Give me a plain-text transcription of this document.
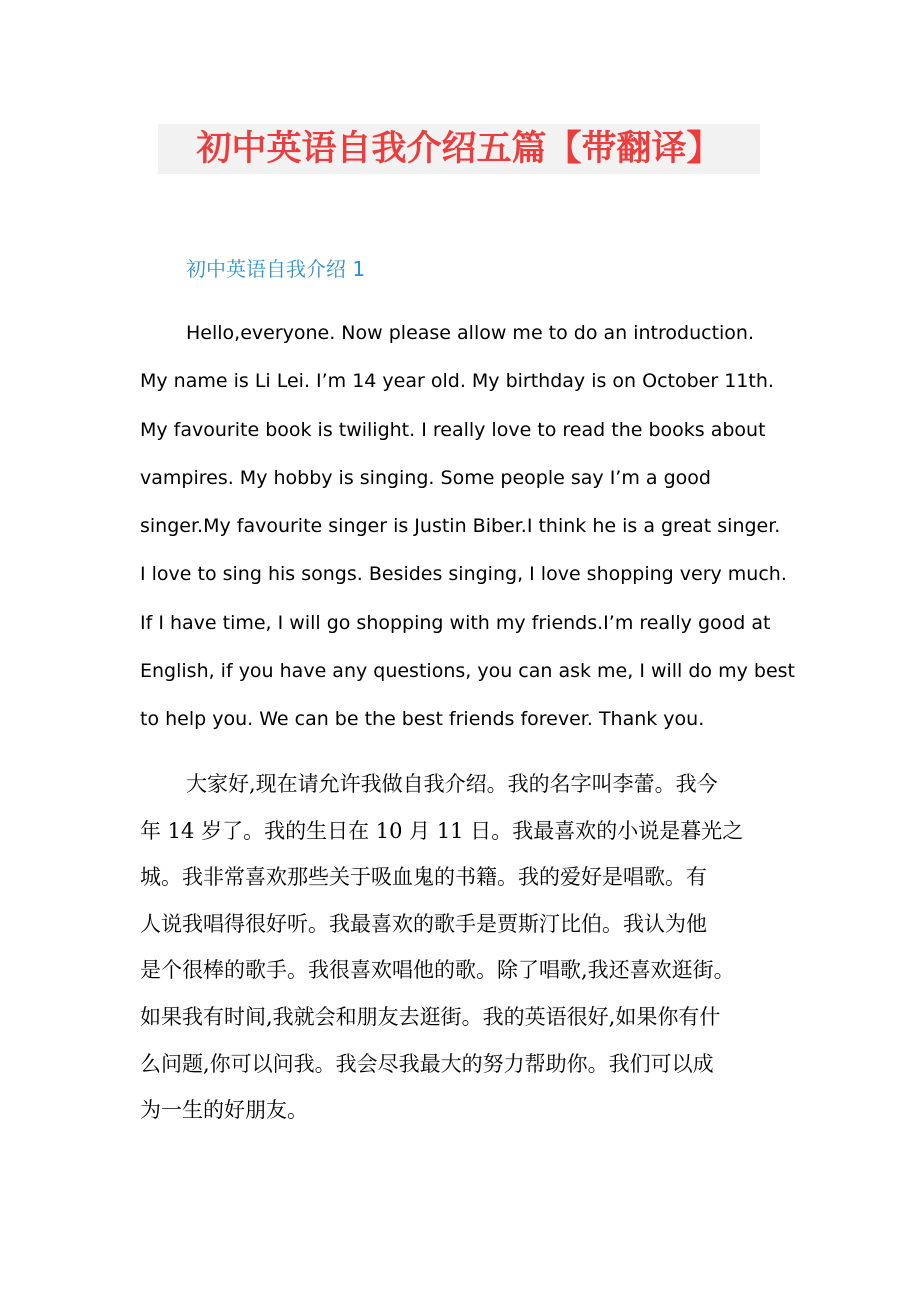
初中英语自我介绍五篇【带翻译】
初中英语自我介绍 1
Hello,everyone. Now please allow me to do an introduction.
My name is Li Lei. I’m 14 year old. My birthday is on October 11th.
My favourite book is twilight. I really love to read the books about
vampires. My hobby is singing. Some people say I’m a good
singer.My favourite singer is Justin Biber.I think he is a great singer.
I love to sing his songs. Besides singing, I love shopping very much.
If I have time, I will go shopping with my friends.I’m really good at
English, if you have any questions, you can ask me, I will do my best
to help you. We can be the best friends forever. Thank you.
大家好,现在请允许我做自我介绍。我的名字叫李蕾。我今
年 14 岁了。我的生日在 10 月 11 日。我最喜欢的小说是暮光之
城。我非常喜欢那些关于吸血鬼的书籍。我的爱好是唱歌。有
人说我唱得很好听。我最喜欢的歌手是贾斯汀比伯。我认为他
是个很棒的歌手。我很喜欢唱他的歌。除了唱歌,我还喜欢逛街。
如果我有时间,我就会和朋友去逛街。我的英语很好,如果你有什
么问题,你可以问我。我会尽我最大的努力帮助你。我们可以成
为一生的好朋友。
